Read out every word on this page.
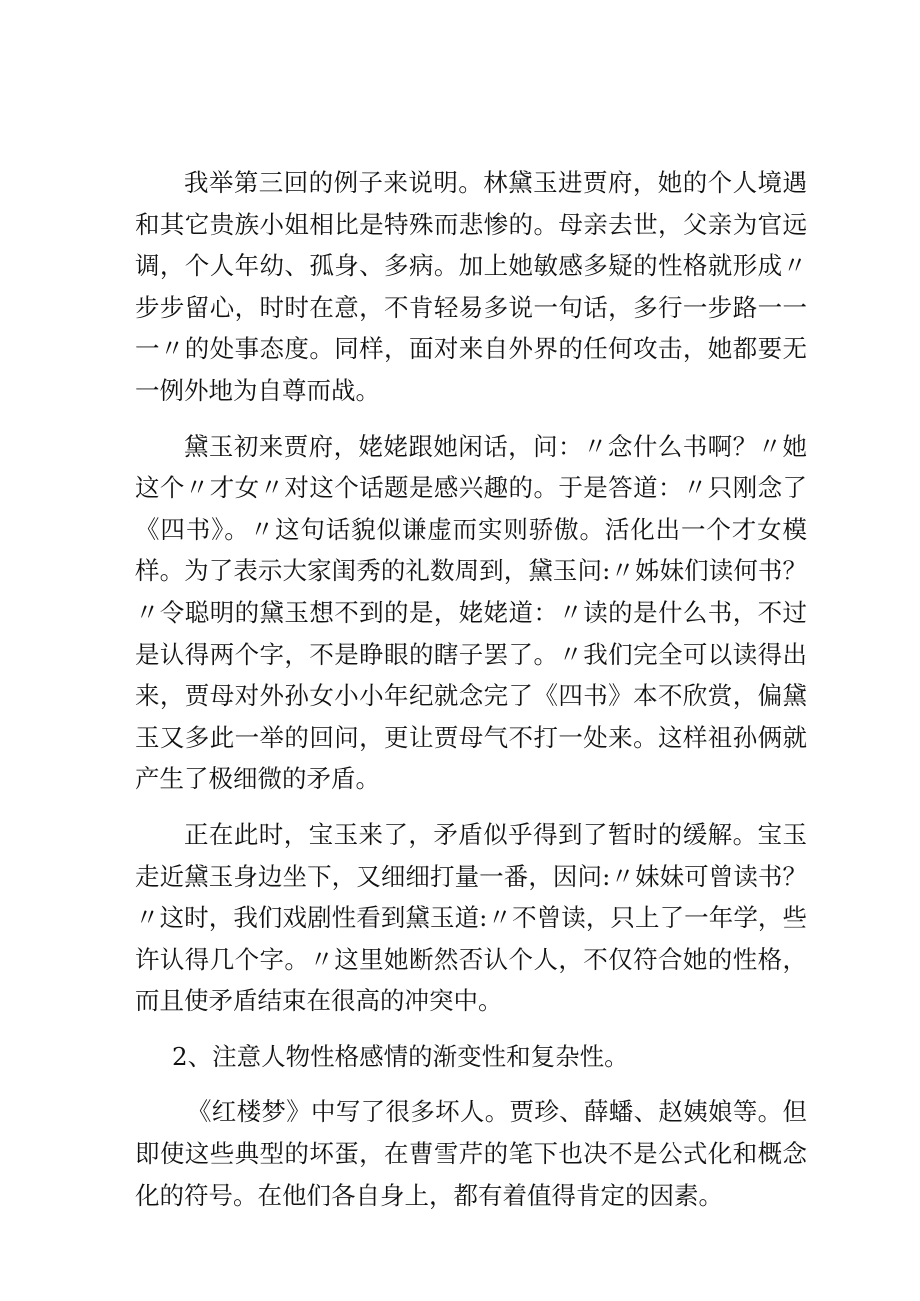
我举第三回的例子来说明。林黛玉进贾府，她的个人境遇和其它贵族小姐相比是特殊而悲惨的。母亲去世，父亲为官远调，个人年幼、孤身、多病。加上她敏感多疑的性格就形成〃步步留心，时时在意，不肯轻易多说一句话，多行一步路一一一〃的处事态度。同样，面对来自外界的任何攻击，她都要无一例外地为自尊而战。

黛玉初来贾府，姥姥跟她闲话，问：〃念什么书啊？〃她这个〃才女〃对这个话题是感兴趣的。于是答道：〃只刚念了《四书》。〃这句话貌似谦虚而实则骄傲。活化出一个才女模样。为了表示大家闺秀的礼数周到，黛玉问:〃姊妹们读何书？〃令聪明的黛玉想不到的是，姥姥道：〃读的是什么书，不过是认得两个字，不是睁眼的瞎子罢了。〃我们完全可以读得出来，贾母对外孙女小小年纪就念完了《四书》本不欣赏，偏黛玉又多此一举的回问，更让贾母气不打一处来。这样祖孙俩就产生了极细微的矛盾。

正在此时，宝玉来了，矛盾似乎得到了暂时的缓解。宝玉走近黛玉身边坐下，又细细打量一番，因问:〃妹妹可曾读书？〃这时，我们戏剧性看到黛玉道:〃不曾读，只上了一年学，些许认得几个字。〃这里她断然否认个人，不仅符合她的性格，而且使矛盾结束在很高的冲突中。

2、注意人物性格感情的渐变性和复杂性。

《红楼梦》中写了很多坏人。贾珍、薛蟠、赵姨娘等。但即使这些典型的坏蛋，在曹雪芹的笔下也决不是公式化和概念化的符号。在他们各自身上，都有着值得肯定的因素。
